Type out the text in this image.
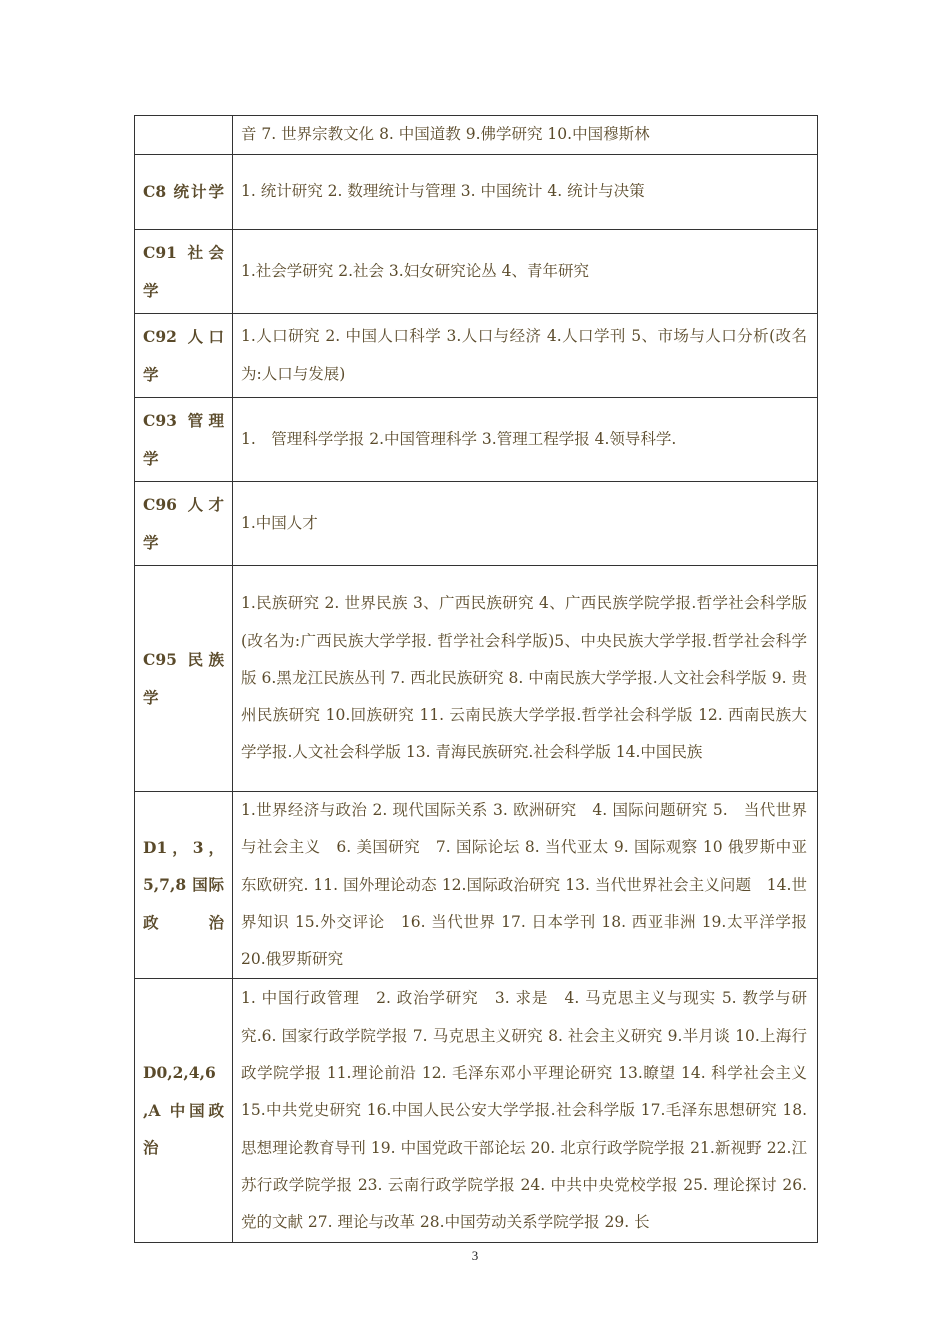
	音 7. 世界宗教文化 8. 中国道教 9.佛学研究 10.中国穆斯林
C8 统计学	1. 统计研究 2. 数理统计与管理 3. 中国统计 4. 统计与决策
C91 社会学	1.社会学研究 2.社会 3.妇女研究论丛 4、青年研究
C92 人口学	1.人口研究 2. 中国人口科学 3.人口与经济 4.人口学刊 5、市场与人口分析(改名为:人口与发展)
C93 管理学	1.　管理科学学报 2.中国管理科学 3.管理工程学报 4.领导科学.
C96 人才学	1.中国人才
C95 民族学	1.民族研究 2. 世界民族 3、广西民族研究 4、广西民族学院学报.哲学社会科学版 (改名为:广西民族大学学报. 哲学社会科学版)5、中央民族大学学报.哲学社会科学版 6.黑龙江民族丛刊 7. 西北民族研究 8. 中南民族大学学报.人文社会科学版 9. 贵州民族研究 10.回族研究 11. 云南民族大学学报.哲学社会科学版 12. 西南民族大学学报.人文社会科学版 13. 青海民族研究.社会科学版 14.中国民族
D1，3，5,7,8 国际政治	1.世界经济与政治 2. 现代国际关系 3. 欧洲研究　4. 国际问题研究 5.　当代世界与社会主义　6. 美国研究　7. 国际论坛 8. 当代亚太 9. 国际观察 10 俄罗斯中亚东欧研究. 11. 国外理论动态 12.国际政治研究 13. 当代世界社会主义问题　14.世界知识 15.外交评论　16. 当代世界 17. 日本学刊 18. 西亚非洲 19.太平洋学报 20.俄罗斯研究
D0,2,4,6 ,A 中国政治	1. 中国行政管理　2. 政治学研究　3. 求是　4. 马克思主义与现实 5. 教学与研究.6. 国家行政学院学报 7. 马克思主义研究 8. 社会主义研究 9.半月谈 10.上海行政学院学报 11.理论前沿 12. 毛泽东邓小平理论研究 13.瞭望 14. 科学社会主义 15.中共党史研究 16.中国人民公安大学学报.社会科学版 17.毛泽东思想研究 18.思想理论教育导刊 19. 中国党政干部论坛 20. 北京行政学院学报 21.新视野 22.江苏行政学院学报 23. 云南行政学院学报 24. 中共中央党校学报 25. 理论探讨 26. 党的文献 27. 理论与改革 28.中国劳动关系学院学报 29. 长
3
